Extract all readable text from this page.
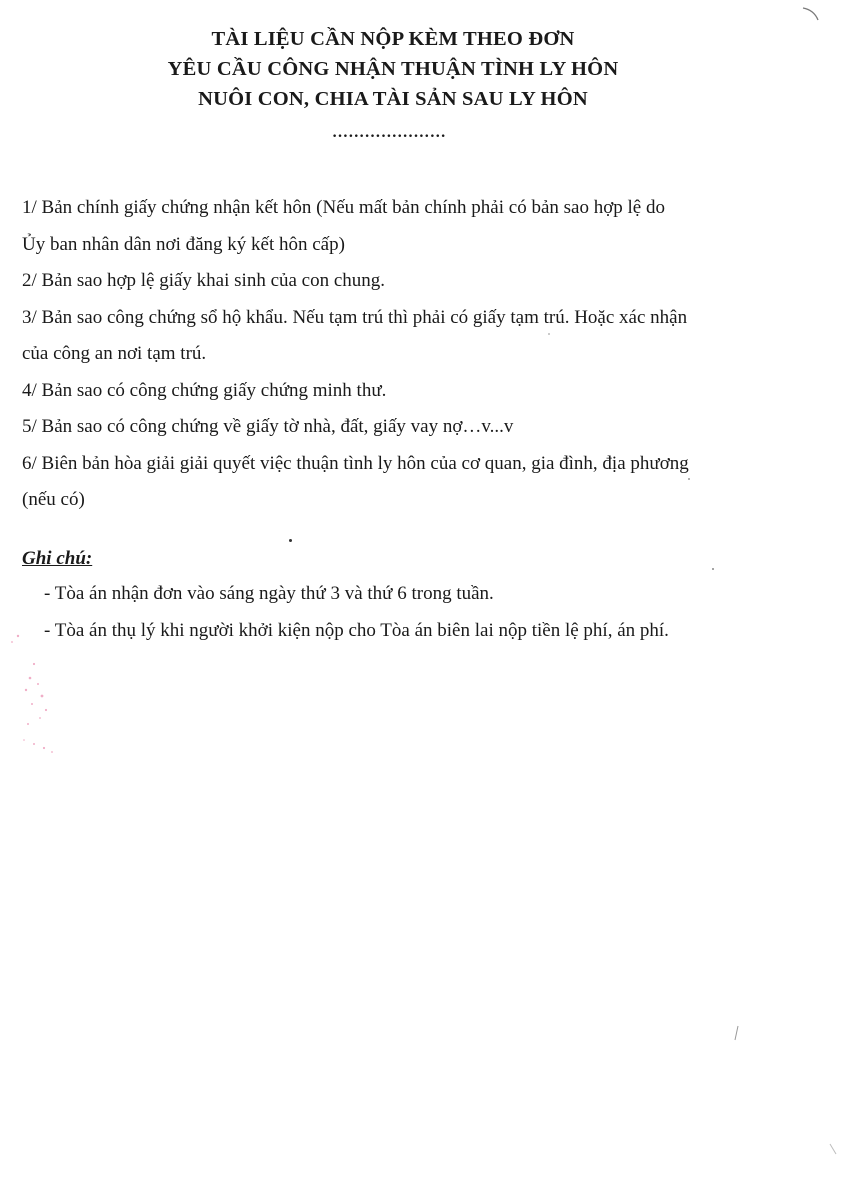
TÀI LIỆU CẦN NỘP KÈM THEO ĐƠN
YÊU CẦU CÔNG NHẬN THUẬN TÌNH LY HÔN
NUÔI CON, CHIA TÀI SẢN SAU LY HÔN
…………………
1/ Bản chính giấy chứng nhận kết hôn (Nếu mất bản chính phải có bản sao hợp lệ do
Ủy ban nhân dân nơi đăng ký kết hôn cấp)
2/ Bản sao hợp lệ giấy khai sinh của con chung.
3/ Bản sao công chứng sổ hộ khẩu. Nếu tạm trú thì phải có giấy tạm trú. Hoặc xác nhận
của công an nơi tạm trú.
4/ Bản sao có công chứng giấy chứng minh thư.
5/ Bản sao có công chứng về giấy tờ nhà, đất, giấy vay nợ…v...v
6/ Biên bản hòa giải giải quyết việc thuận tình ly hôn của cơ quan, gia đình, địa phương
(nếu có)
Ghi chú:
- Tòa án nhận đơn vào sáng ngày thứ 3 và thứ 6 trong tuần.
- Tòa án thụ lý khi người khởi kiện nộp cho Tòa án biên lai nộp tiền lệ phí, án phí.
